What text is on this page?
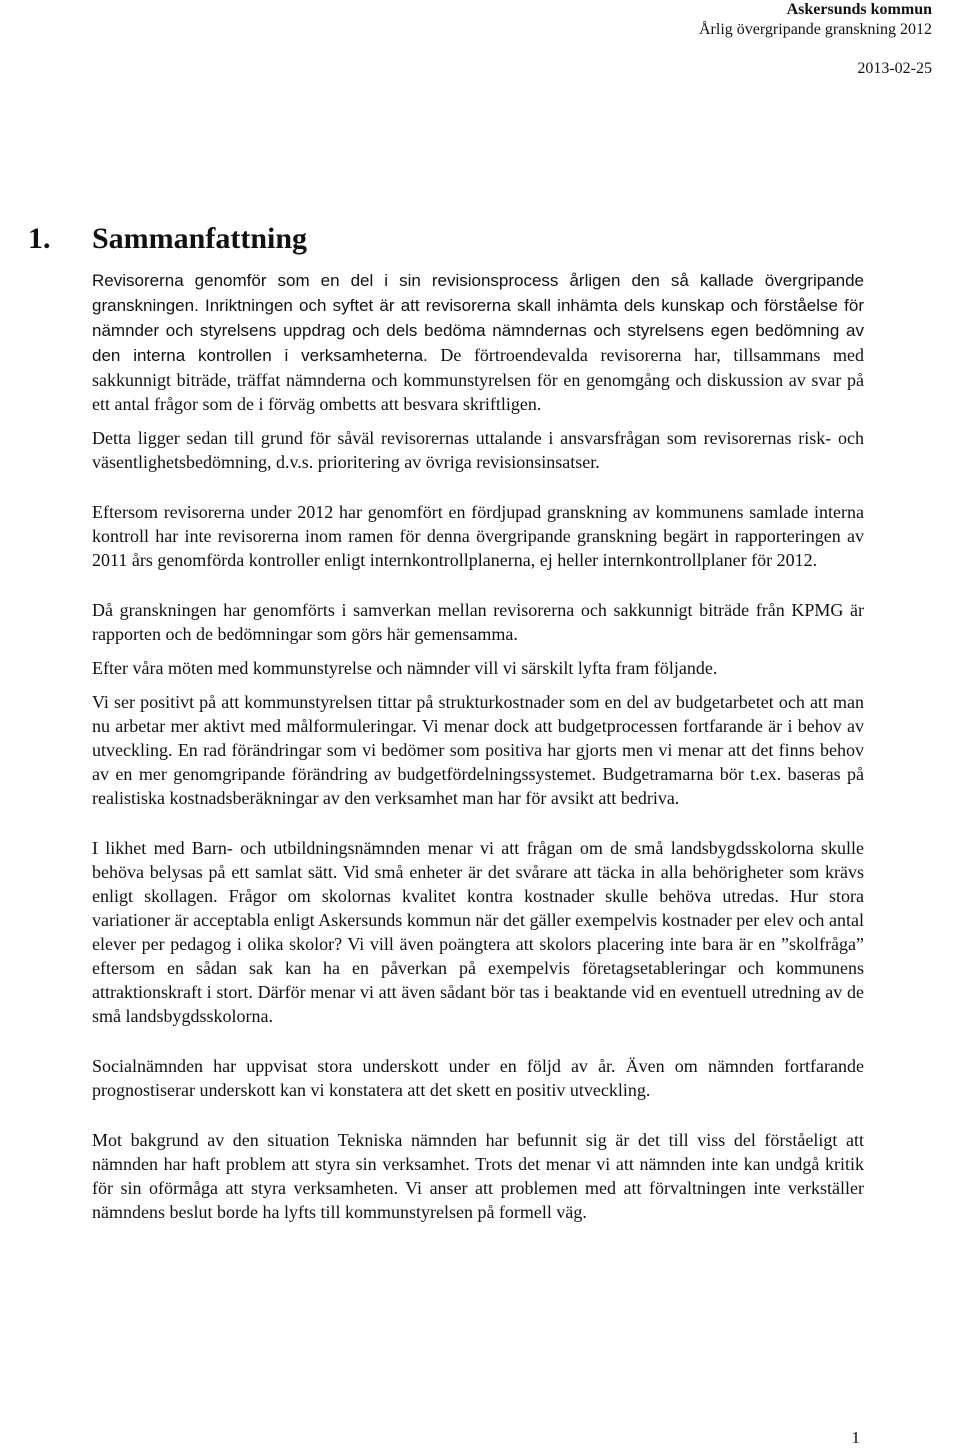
Askersunds kommun
Årlig övergripande granskning 2012
2013-02-25
1. Sammanfattning

Revisorerna genomför som en del i sin revisionsprocess årligen den så kallade övergripande granskningen. Inriktningen och syftet är att revisorerna skall inhämta dels kunskap och förståelse för nämnder och styrelsens uppdrag och dels bedöma nämndernas och styrelsens egen bedömning av den interna kontrollen i verksamheterna. De förtroendevalda revisorerna har, tillsammans med sakkunnigt biträde, träffat nämnderna och kommunstyrelsen för en genomgång och diskussion av svar på ett antal frågor som de i förväg ombetts att besvara skriftligen.

Detta ligger sedan till grund för såväl revisorernas uttalande i ansvarsfrågan som revisorernas risk- och väsentlighetsbedömning, d.v.s. prioritering av övriga revisionsinsatser.

Eftersom revisorerna under 2012 har genomfört en fördjupad granskning av kommunens samlade interna kontroll har inte revisorerna inom ramen för denna övergripande granskning begärt in rapporteringen av 2011 års genomförda kontroller enligt internkontrollplanerna, ej heller internkontrollplaner för 2012.

Då granskningen har genomförts i samverkan mellan revisorerna och sakkunnigt biträde från KPMG är rapporten och de bedömningar som görs här gemensamma.

Efter våra möten med kommunstyrelse och nämnder vill vi särskilt lyfta fram följande.

Vi ser positivt på att kommunstyrelsen tittar på strukturkostnader som en del av budgetarbetet och att man nu arbetar mer aktivt med målformuleringar. Vi menar dock att budgetprocessen fortfarande är i behov av utveckling. En rad förändringar som vi bedömer som positiva har gjorts men vi menar att det finns behov av en mer genomgripande förändring av budgetfördelningssystemet. Budgetramarna bör t.ex. baseras på realistiska kostnadsberäkningar av den verksamhet man har för avsikt att bedriva.

I likhet med Barn- och utbildningsnämnden menar vi att frågan om de små landsbygdsskolorna skulle behöva belysas på ett samlat sätt. Vid små enheter är det svårare att täcka in alla behörigheter som krävs enligt skollagen. Frågor om skolornas kvalitet kontra kostnader skulle behöva utredas. Hur stora variationer är acceptabla enligt Askersunds kommun när det gäller exempelvis kostnader per elev och antal elever per pedagog i olika skolor? Vi vill även poängtera att skolors placering inte bara är en ”skolfråga” eftersom en sådan sak kan ha en påverkan på exempelvis företagsetableringar och kommunens attraktionskraft i stort. Därför menar vi att även sådant bör tas i beaktande vid en eventuell utredning av de små landsbygdsskolorna.

Socialnämnden har uppvisat stora underskott under en följd av år. Även om nämnden fortfarande prognostiserar underskott kan vi konstatera att det skett en positiv utveckling.

Mot bakgrund av den situation Tekniska nämnden har befunnit sig är det till viss del förståeligt att nämnden har haft problem att styra sin verksamhet. Trots det menar vi att nämnden inte kan undgå kritik för sin oförmåga att styra verksamheten. Vi anser att problemen med att förvaltningen inte verkställer nämndens beslut borde ha lyfts till kommunstyrelsen på formell väg.

1
